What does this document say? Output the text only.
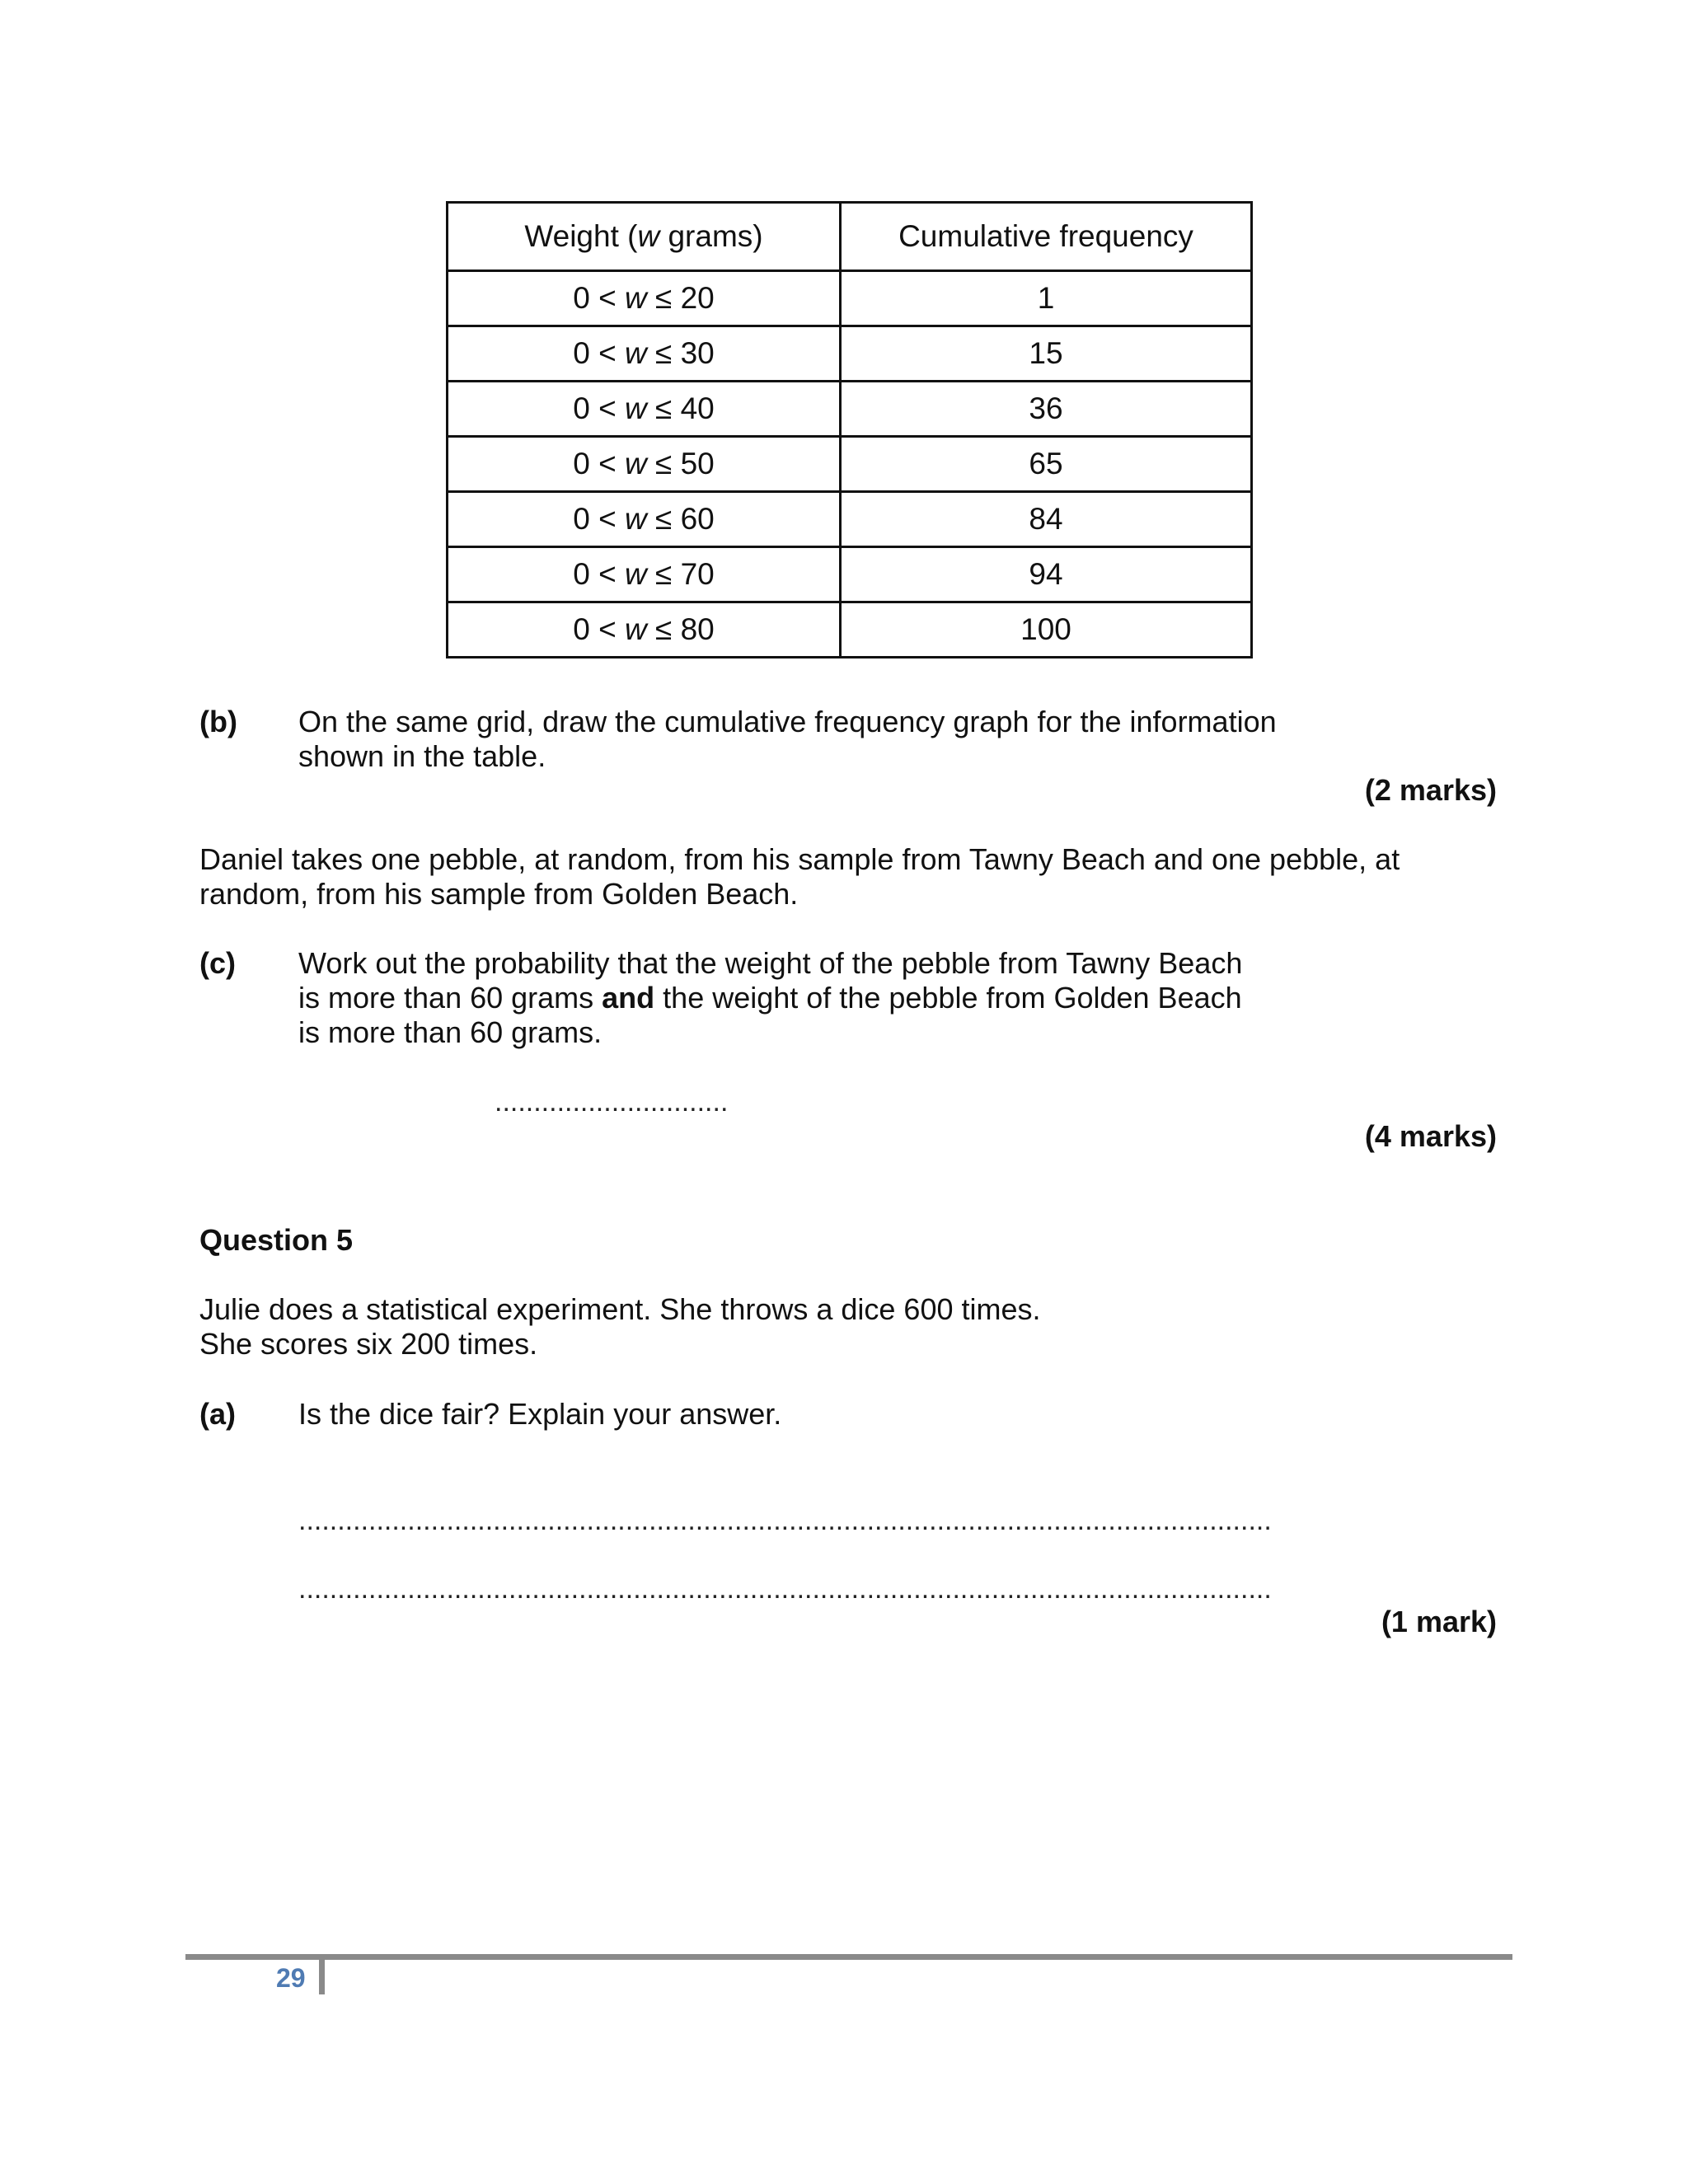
Weight (w grams)	Cumulative frequency
0 < w ≤ 20	1
0 < w ≤ 30	15
0 < w ≤ 40	36
0 < w ≤ 50	65
0 < w ≤ 60	84
0 < w ≤ 70	94
0 < w ≤ 80	100
(b) On the same grid, draw the cumulative frequency graph for the information
shown in the table.
(2 marks)
Daniel takes one pebble, at random, from his sample from Tawny Beach and one pebble, at
random, from his sample from Golden Beach.
(c) Work out the probability that the weight of the pebble from Tawny Beach
is more than 60 grams and the weight of the pebble from Golden Beach
is more than 60 grams.
..............................
(4 marks)
Question 5
Julie does a statistical experiment. She throws a dice 600 times.
She scores six 200 times.
(a) Is the dice fair? Explain your answer.
.............................................................................................................................
.............................................................................................................................
(1 mark)
29
